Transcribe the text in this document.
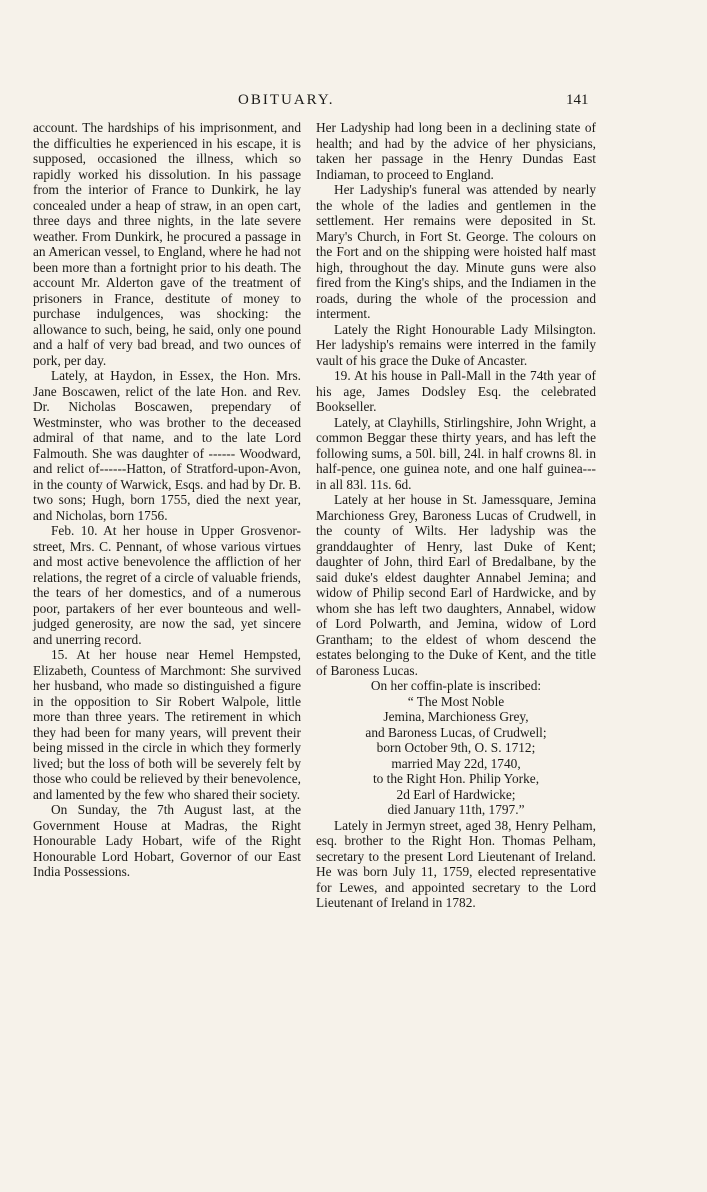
OBITUARY.	141

account. The hardships of his imprisonment, and the difficulties he experienced in his escape, it is supposed, occasioned the illness, which so rapidly worked his dissolution. In his passage from the interior of France to Dunkirk, he lay concealed under a heap of straw, in an open cart, three days and three nights, in the late severe weather. From Dunkirk, he procured a passage in an American vessel, to England, where he had not been more than a fortnight prior to his death. The account Mr. Alderton gave of the treatment of prisoners in France, destitute of money to purchase indulgences, was shocking: the allowance to such, being, he said, only one pound and a half of very bad bread, and two ounces of pork, per day.

Lately, at Haydon, in Essex, the Hon. Mrs. Jane Boscawen, relict of the late Hon. and Rev. Dr. Nicholas Boscawen, prependary of Westminster, who was brother to the deceased admiral of that name, and to the late Lord Falmouth. She was daughter of ------ Woodward, and relict of------Hatton, of Stratford-upon-Avon, in the county of Warwick, Esqs. and had by Dr. B. two sons; Hugh, born 1755, died the next year, and Nicholas, born 1756.

Feb. 10. At her house in Upper Grosvenor-street, Mrs. C. Pennant, of whose various virtues and most active benevolence the affliction of her relations, the regret of a circle of valuable friends, the tears of her domestics, and of a numerous poor, partakers of her ever bounteous and well-judged generosity, are now the sad, yet sincere and unerring record.

15. At her house near Hemel Hempsted, Elizabeth, Countess of Marchmont: She survived her husband, who made so distinguished a figure in the opposition to Sir Robert Walpole, little more than three years. The retirement in which they had been for many years, will prevent their being missed in the circle in which they formerly lived; but the loss of both will be severely felt by those who could be relieved by their benevolence, and lamented by the few who shared their society.

On Sunday, the 7th August last, at the Government House at Madras, the Right Honourable Lady Hobart, wife of the Right Honourable Lord Hobart, Governor of our East India Possessions.

Her Ladyship had long been in a declining state of health; and had by the advice of her physicians, taken her passage in the Henry Dundas East Indiaman, to proceed to England.

Her Ladyship's funeral was attended by nearly the whole of the ladies and gentlemen in the settlement. Her remains were deposited in St. Mary's Church, in Fort St. George. The colours on the Fort and on the shipping were hoisted half mast high, throughout the day. Minute guns were also fired from the King's ships, and the Indiamen in the roads, during the whole of the procession and interment.

Lately the Right Honourable Lady Milsington. Her ladyship's remains were interred in the family vault of his grace the Duke of Ancaster.

19. At his house in Pall-Mall in the 74th year of his age, James Dodsley Esq. the celebrated Bookseller.

Lately, at Clayhills, Stirlingshire, John Wright, a common Beggar these thirty years, and has left the following sums, a 50l. bill, 24l. in half crowns 8l. in half-pence, one guinea note, and one half guinea---in all 83l. 11s. 6d.

Lately at her house in St. Jamessquare, Jemina Marchioness Grey, Baroness Lucas of Crudwell, in the county of Wilts. Her ladyship was the granddaughter of Henry, last Duke of Kent; daughter of John, third Earl of Bredalbane, by the said duke's eldest daughter Annabel Jemina; and widow of Philip second Earl of Hardwicke, and by whom she has left two daughters, Annabel, widow of Lord Polwarth, and Jemina, widow of Lord Grantham; to the eldest of whom descend the estates belonging to the Duke of Kent, and the title of Baroness Lucas.

On her coffin-plate is inscribed:
“ The Most Noble
Jemina, Marchioness Grey,
and Baroness Lucas, of Crudwell;
born October 9th, O. S. 1712;
married May 22d, 1740,
to the Right Hon. Philip Yorke,
2d Earl of Hardwicke;
died January 11th, 1797.”

Lately in Jermyn street, aged 38, Henry Pelham, esq. brother to the Right Hon. Thomas Pelham, secretary to the present Lord Lieutenant of Ireland. He was born July 11, 1759, elected representative for Lewes, and appointed secretary to the Lord Lieutenant of Ireland in 1782.
